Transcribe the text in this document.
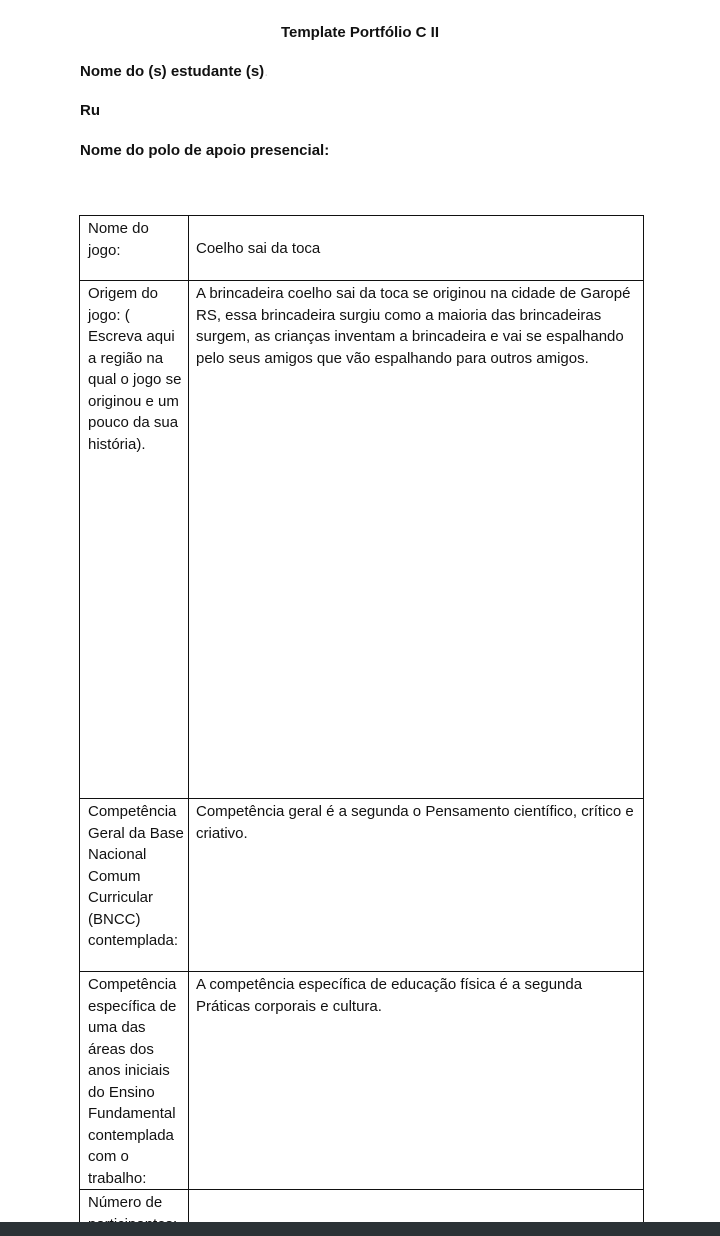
Template Portfólio C II
Nome do (s) estudante (s).
Ru
Nome do polo de apoio presencial:
Nome do jogo:	Coelho sai da toca
Origem do jogo: ( Escreva aqui a região na qual o jogo se originou e um pouco da sua história).	A brincadeira coelho sai da toca se originou na cidade de Garopé RS, essa brincadeira surgiu como a maioria das brincadeiras surgem, as crianças inventam a brincadeira e vai se espalhando pelo seus amigos que vão espalhando para outros amigos.
Competência Geral da Base Nacional Comum Curricular (BNCC) contemplada:	Competência geral é a segunda o Pensamento científico, crítico e criativo.
Competência específica de uma das áreas dos anos iniciais do Ensino Fundamental contemplada com o trabalho:	A competência específica de educação física é a segunda Práticas corporais e cultura.
Número de	
